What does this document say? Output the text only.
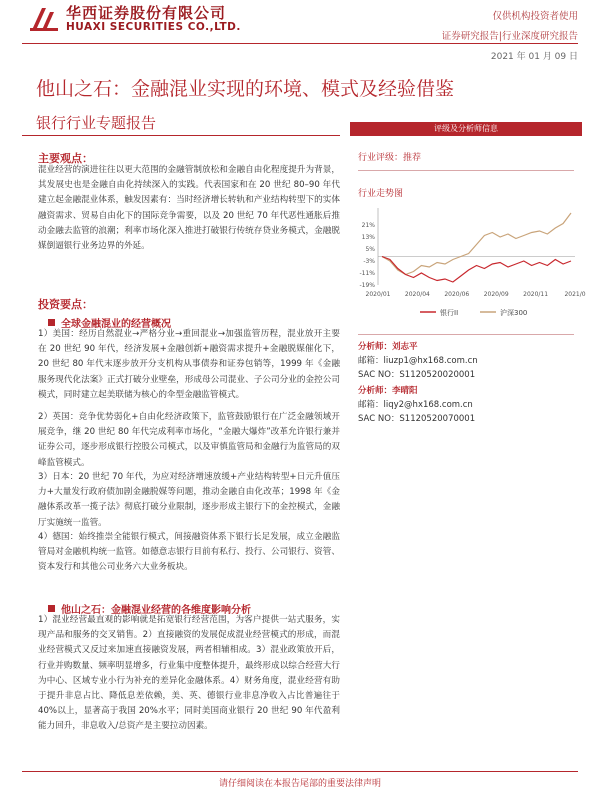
华西证券股份有限公司
HUAXI SECURITIES CO.,LTD.
仅供机构投资者使用
证券研究报告|行业深度研究报告
2021 年 01 月 09 日
他山之石：金融混业实现的环境、模式及经验借鉴
银行行业专题报告
主要观点：

混业经营的演进往往以更大范围的金融管制放松和金融自由化程度提升为背景，其发展史也是金融自由化持续深入的实践。代表国家和在 20 世纪 80–90 年代建立起金融混业体系，触发因素有：当时经济增长转轨和产业结构转型下的实体融资需求、贸易自由化下的国际竞争需要，以及 20 世纪 70 年代恶性通胀后推动金融去监管的浪潮；利率市场化深入推进打破银行传统存贷业务模式，金融脱媒倒逼银行业务边界的外延。

投资要点：
全球金融混业的经营概况

1）美国：经历自然混业→严格分业→重回混业→加强监管历程，混业放开主要在 20 世纪 90 年代，经济发展+金融创新+融资需求提升+金融脱媒催化下，20 世纪 80 年代末逐步放开分支机构从事债券和证券包销等，1999 年《金融服务现代化法案》正式打破分业壁垒，形成母公司混业、子公司分业的金控公司模式，同时建立起美联储为核心的伞型金融监管模式。

2）英国：竞争优势弱化+自由化经济政策下，监管鼓励银行在广泛金融领域开展竞争，继 20 世纪 80 年代完成利率市场化，“金融大爆炸”改革允许银行兼并证券公司，逐步形成银行控股公司模式，以及审慎监管局和金融行为监管局的双峰监管模式。

3）日本：20 世纪 70 年代，为应对经济增速放缓+产业结构转型+日元升值压力+大量发行政府债加剧金融脱媒等问题，推动金融自由化改革；1998 年《金融体系改革一揽子法》彻底打破分业限制，逐步形成主银行下的金控模式，金融厅实施统一监管。

4）德国：始终推崇全能银行模式，间接融资体系下银行长足发展，成立金融监管局对金融机构统一监管。如德意志银行目前有私行、投行、公司银行、资管、资本发行和其他公司业务六大业务板块。

他山之石：金融混业经营的各维度影响分析

1）混业经营最直观的影响就是拓宽银行经营范围，为客户提供一站式服务，实现产品和服务的交叉销售。2）直接融资的发展促成混业经营模式的形成，而混业经营模式又反过来加速直接融资发展，两者相辅相成。3）混业政策放开后，行业并购数量、频率明显增多，行业集中度整体提升，最终形成以综合经营大行为中心、区域专业小行为补充的差异化金融体系。4）财务角度，混业经营有助于提升非息占比、降低息差依赖，美、英、德银行业非息净收入占比普遍往于 40%以上，显著高于我国 20%水平；同时美国商业银行 20 世纪 90 年代盈利能力回升，非息收入/总资产是主要拉动因素。

评级及分析师信息
行业评级：推荐
行业走势图
21%
13%
5%
-3%
-11%
-19%
2020/01 2020/04 2020/06 2020/09 2020/11	2021/0
银行II	沪深300
分析师：刘志平
邮箱：liuzp1@hx168.com.cn
SAC NO：S1120520020001
分析师：李晴阳
邮箱：liqy2@hx168.com.cn
SAC NO：S1120520070001
请仔细阅读在本报告尾部的重要法律声明
